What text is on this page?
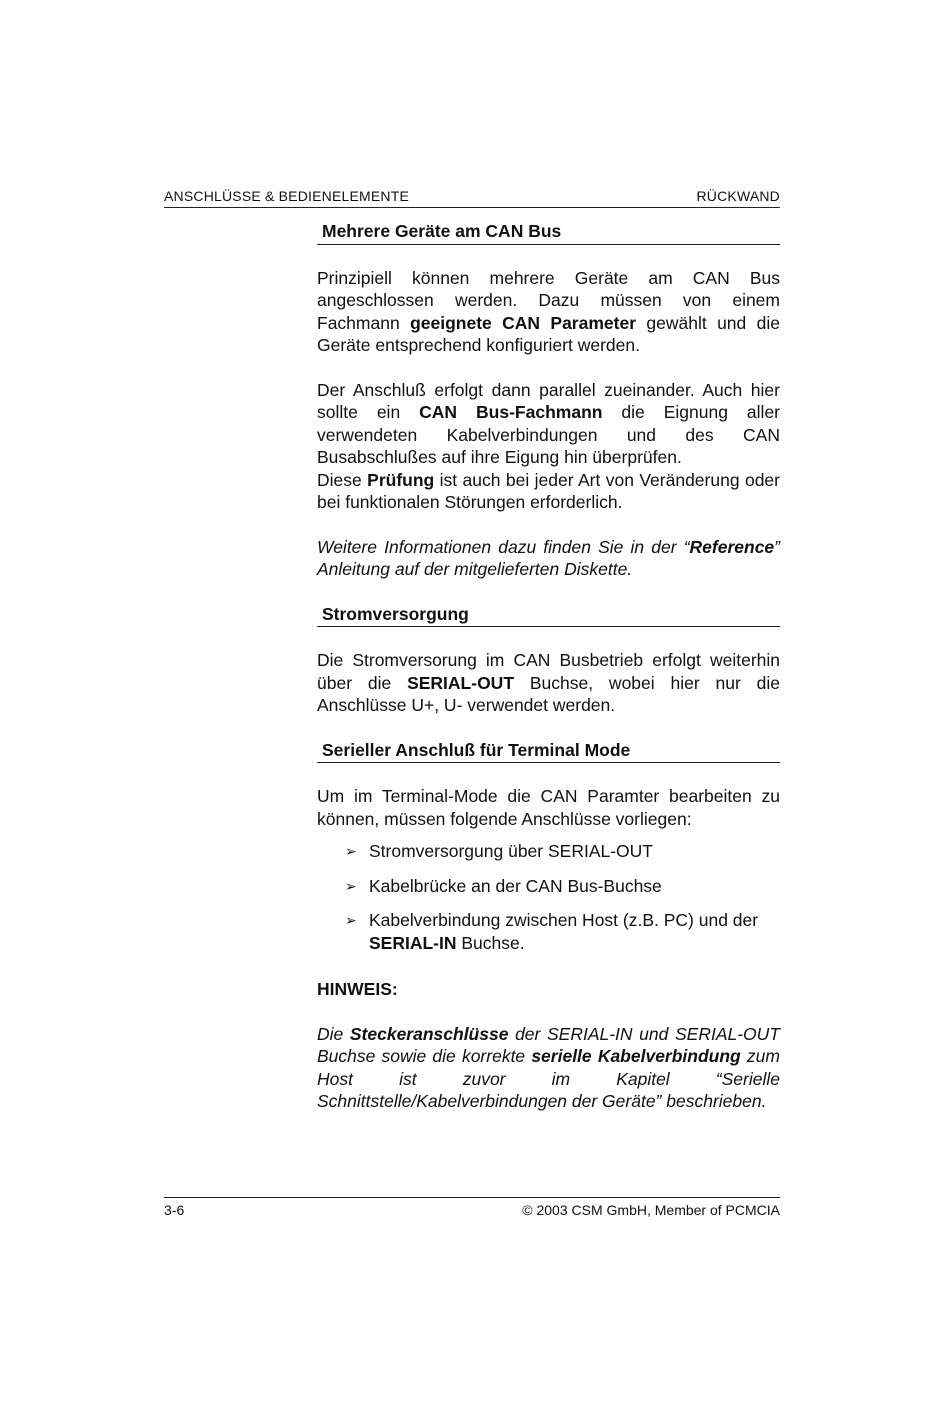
ANSCHLÜSSE & BEDIENELEMENTE	RÜCKWAND
Mehrere Geräte am CAN Bus

Prinzipiell können mehrere Geräte am CAN Bus angeschlossen werden. Dazu müssen von einem Fachmann geeignete CAN Parameter gewählt und die Geräte entsprechend konfiguriert werden.

Der Anschluß erfolgt dann parallel zueinander. Auch hier sollte ein CAN Bus-Fachmann die Eignung aller verwendeten Kabelverbindungen und des CAN Busabschlußes auf ihre Eigung hin überprüfen.

Diese Prüfung ist auch bei jeder Art von Veränderung oder bei funktionalen Störungen erforderlich.

Weitere Informationen dazu finden Sie in der “Reference” Anleitung auf der mitgelieferten Diskette.

Stromversorgung

Die Stromversorung im CAN Busbetrieb erfolgt weiterhin über die SERIAL-OUT Buchse, wobei hier nur die Anschlüsse U+, U- verwendet werden.

Serieller Anschluß für Terminal Mode

Um im Terminal-Mode die CAN Paramter bearbeiten zu können, müssen folgende Anschlüsse vorliegen:

➢ Stromversorgung über SERIAL-OUT
➢ Kabelbrücke an der CAN Bus-Buchse
➢ Kabelverbindung zwischen Host (z.B. PC) und der SERIAL-IN Buchse.
HINWEIS:

Die Steckeranschlüsse der SERIAL-IN und SERIAL-OUT Buchse sowie die korrekte serielle Kabelverbindung zum Host ist zuvor im Kapitel “Serielle Schnittstelle/Kabelverbindungen der Geräte” beschrieben.

3-6	© 2003 CSM GmbH, Member of PCMCIA
